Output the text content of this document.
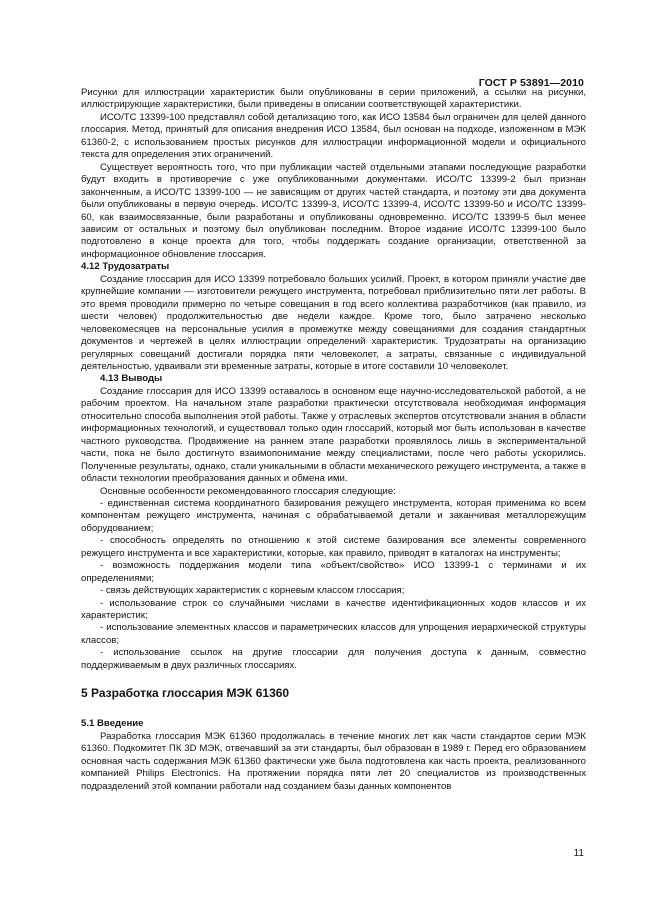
ГОСТ Р 53891—2010

Рисунки для иллюстрации характеристик были опубликованы в серии приложений, а ссылки на рисунки, иллюстрирующие характеристики, были приведены в описании соответствующей характеристики.

ИСО/ТС 13399-100 представлял собой детализацию того, как ИСО 13584 был ограничен для целей данного глоссария. Метод, принятый для описания внедрения ИСО 13584, был основан на подходе, изложенном в МЭК 61360-2, с использованием простых рисунков для иллюстрации информационной модели и официального текста для определения этих ограничений.

Существует вероятность того, что при публикации частей отдельными этапами последующие разработки будут входить в противоречие с уже опубликованными документами. ИСО/ТС 13399-2 был признан законченным, а ИСО/ТС 13399-100 — не зависящим от других частей стандарта, и поэтому эти два документа были опубликованы в первую очередь. ИСО/ТС 13399-3, ИСО/ТС 13399-4, ИСО/ТС 13399-50 и ИСО/ТС 13399-60, как взаимосвязанные, были разработаны и опубликованы одновременно. ИСО/ТС 13399-5 был менее зависим от остальных и поэтому был опубликован последним. Второе издание ИСО/ТС 13399-100 было подготовлено в конце проекта для того, чтобы поддержать создание организации, ответственной за информационное обновление глоссария.

4.12 Трудозатраты

Создание глоссария для ИСО 13399 потребовало больших усилий. Проект, в котором приняли участие две крупнейшие компании — изготовители режущего инструмента, потребовал приблизительно пяти лет работы. В это время проводили примерно по четыре совещания в год всего коллектива разработчиков (как правило, из шести человек) продолжительностью две недели каждое. Кроме того, было затрачено несколько человекомесяцев на персональные усилия в промежутке между совещаниями для создания стандартных документов и чертежей в целях иллюстрации определений характеристик. Трудозатраты на организацию регулярных совещаний достигали порядка пяти человеколет, а затраты, связанные с индивидуальной деятельностью, удваивали эти временные затраты, которые в итоге составили 10 человеколет.

4.13 Выводы

Создание глоссария для ИСО 13399 оставалось в основном еще научно-исследовательской работой, а не рабочим проектом. На начальном этапе разработки практически отсутствовала необходимая информация относительно способа выполнения этой работы. Также у отраслевых экспертов отсутствовали знания в области информационных технологий, и существовал только один глоссарий, который мог быть использован в качестве частного руководства. Продвижение на раннем этапе разработки проявлялось лишь в экспериментальной части, пока не было достигнуто взаимопонимание между специалистами, после чего работы ускорились. Полученные результаты, однако, стали уникальными в области механического режущего инструмента, а также в области технологии преобразования данных и обмена ими.

Основные особенности рекомендованного глоссария следующие:

- единственная система координатного базирования режущего инструмента, которая применима ко всем компонентам режущего инструмента, начиная с обрабатываемой детали и заканчивая металлорежущим оборудованием;

- способность определять по отношению к этой системе базирования все элементы современного режущего инструмента и все характеристики, которые, как правило, приводят в каталогах на инструменты;

- возможность поддержания модели типа «объект/свойство» ИСО 13399-1 с терминами и их определениями;

- связь действующих характеристик с корневым классом глоссария;

- использование строк со случайными числами в качестве идентификационных кодов классов и их характеристик;

- использование элементных классов и параметрических классов для упрощения иерархической структуры классов;

- использование ссылок на другие глоссарии для получения доступа к данным, совместно поддерживаемым в двух различных глоссариях.

5 Разработка глоссария МЭК 61360
5.1 Введение

Разработка глоссария МЭК 61360 продолжалась в течение многих лет как части стандартов серии МЭК 61360. Подкомитет ПК 3D МЭК, отвечавший за эти стандарты, был образован в 1989 г. Перед его образованием основная часть содержания МЭК 61360 фактически уже была подготовлена как часть проекта, реализованного компанией Philips Electronics. На протяжении порядка пяти лет 20 специалистов из производственных подразделений этой компании работали над созданием базы данных компонентов

11
